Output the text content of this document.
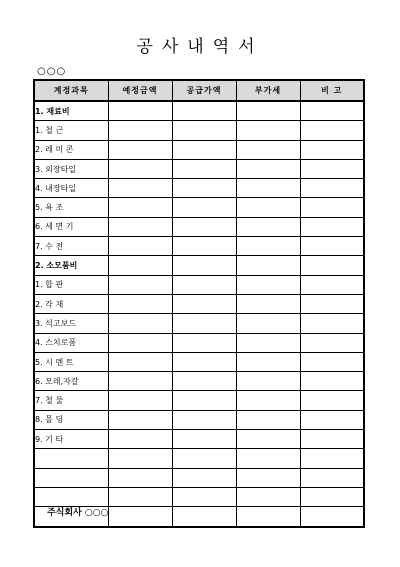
공사내역서
○○○
계정과목	예정금액	공급가액	부가세	비 고
1. 재료비				
1. 철 근				
2. 레 미 콘				
3. 외장타일				
4. 내장타일				
5. 욕 조				
6. 세 면 기				
7. 수 전				
2. 소모품비				
1. 합 판				
2. 각 재				
3. 석고보드				
4. 스치로폼				
5. 시 멘 트				
6. 모래,자갈				
7. 철 물				
8. 몰 딩				
9. 기 타				

주식회사 ○○○
